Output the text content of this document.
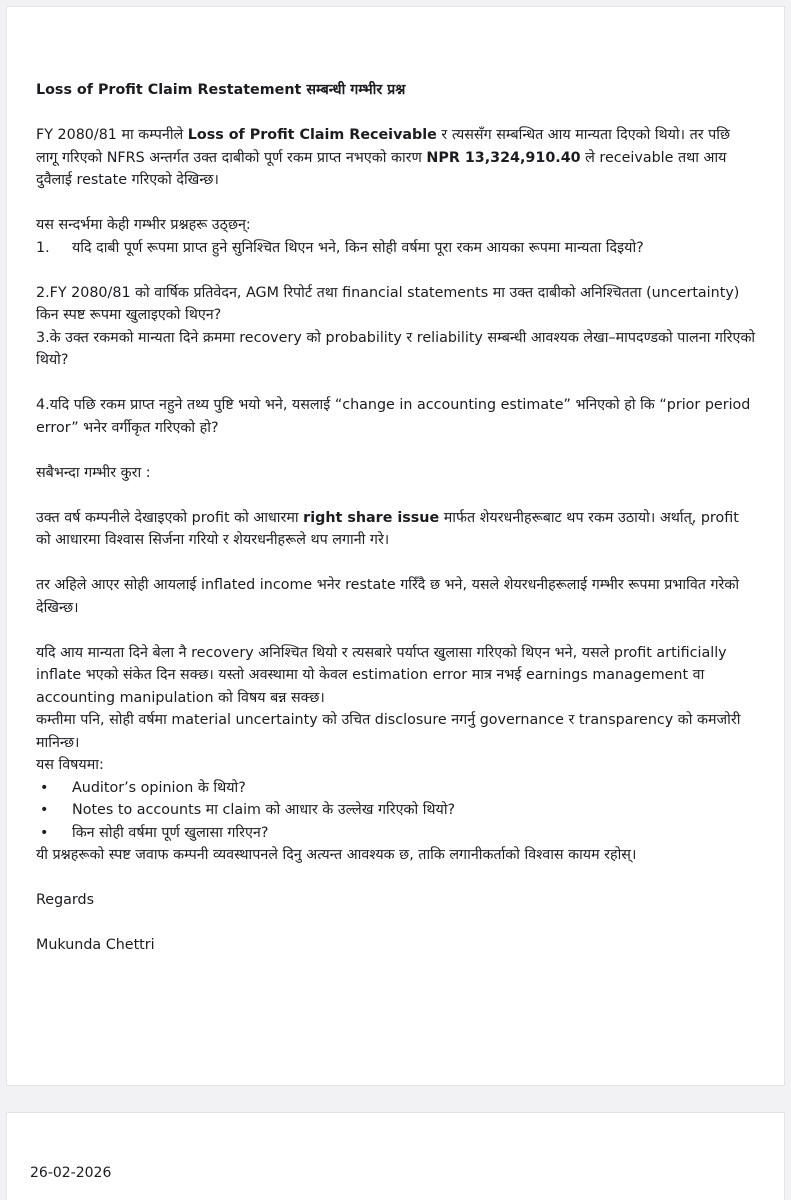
Loss of Profit Claim Restatement सम्बन्धी गम्भीर प्रश्न

FY 2080/81 मा कम्पनीले Loss of Profit Claim Receivable र त्यससँग सम्बन्धित आय मान्यता दिएको थियो। तर पछि लागू गरिएको NFRS अन्तर्गत उक्त दाबीको पूर्ण रकम प्राप्त नभएको कारण NPR 13,324,910.40 ले receivable तथा आय दुवैलाई restate गरिएको देखिन्छ।

यस सन्दर्भमा केही गम्भीर प्रश्नहरू उठ्छन्:

1.	यदि दाबी पूर्ण रूपमा प्राप्त हुने सुनिश्चित थिएन भने, किन सोही वर्षमा पूरा रकम आयका रूपमा मान्यता दिइयो?

2.FY 2080/81 को वार्षिक प्रतिवेदन, AGM रिपोर्ट तथा financial statements मा उक्त दाबीको अनिश्चितता (uncertainty) किन स्पष्ट रूपमा खुलाइएको थिएन?

3.के उक्त रकमको मान्यता दिने क्रममा recovery को probability र reliability सम्बन्धी आवश्यक लेखा–मापदण्डको पालना गरिएको थियो?

4.यदि पछि रकम प्राप्त नहुने तथ्य पुष्टि भयो भने, यसलाई “change in accounting estimate” भनिएको हो कि “prior period error” भनेर वर्गीकृत गरिएको हो?

सबैभन्दा गम्भीर कुरा :

उक्त वर्ष कम्पनीले देखाइएको profit को आधारमा right share issue मार्फत शेयरधनीहरूबाट थप रकम उठायो। अर्थात्, profit को आधारमा विश्वास सिर्जना गरियो र शेयरधनीहरूले थप लगानी गरे।

तर अहिले आएर सोही आयलाई inflated income भनेर restate गरिँदै छ भने, यसले शेयरधनीहरूलाई गम्भीर रूपमा प्रभावित गरेको देखिन्छ।

यदि आय मान्यता दिने बेला नै recovery अनिश्चित थियो र त्यसबारे पर्याप्त खुलासा गरिएको थिएन भने, यसले profit artificially inflate भएको संकेत दिन सक्छ। यस्तो अवस्थामा यो केवल estimation error मात्र नभई earnings management वा accounting manipulation को विषय बन्न सक्छ।

कम्तीमा पनि, सोही वर्षमा material uncertainty को उचित disclosure नगर्नु governance र transparency को कमजोरी मानिन्छ।

यस विषयमा:

•	Auditor’s opinion के थियो?
•	Notes to accounts मा claim को आधार के उल्लेख गरिएको थियो?
•	किन सोही वर्षमा पूर्ण खुलासा गरिएन?

यी प्रश्नहरूको स्पष्ट जवाफ कम्पनी व्यवस्थापनले दिनु अत्यन्त आवश्यक छ, ताकि लगानीकर्ताको विश्वास कायम रहोस्।

Regards

Mukunda Chettri

26-02-2026
